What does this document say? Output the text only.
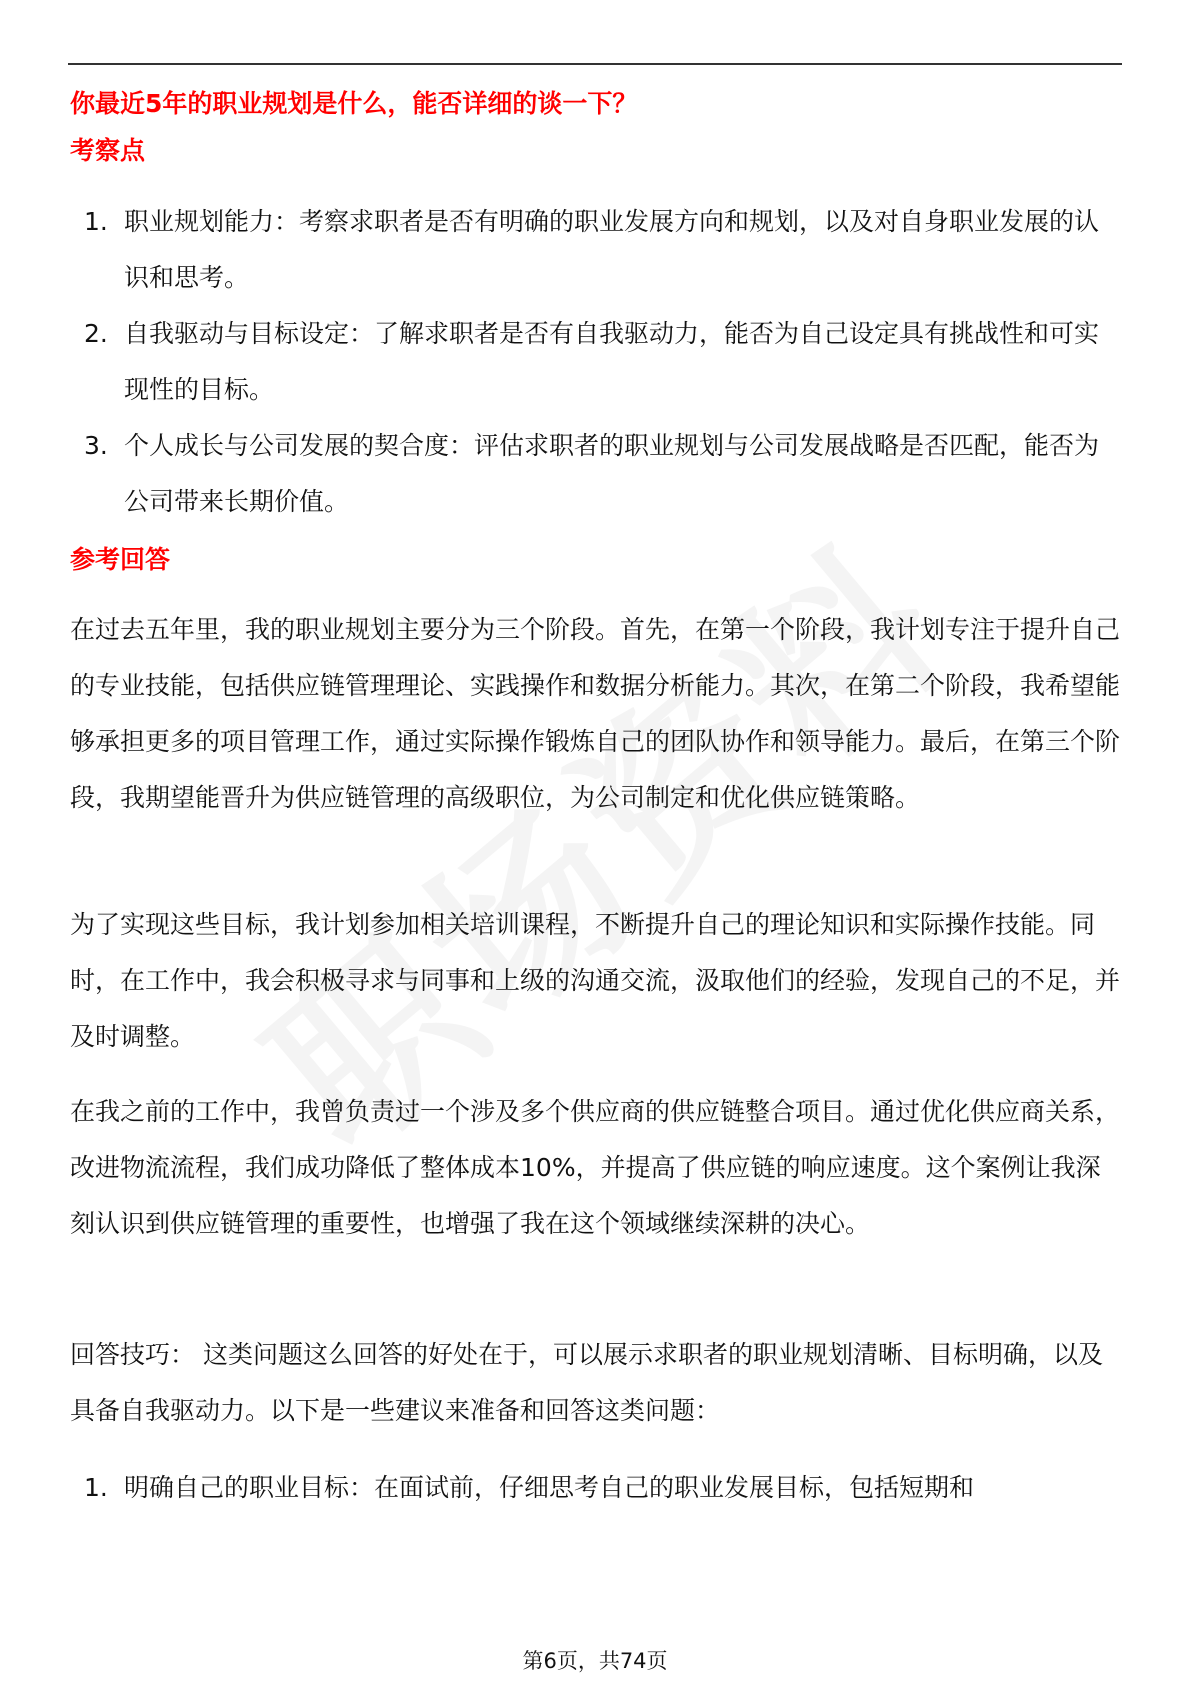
你最近5年的职业规划是什么，能否详细的谈一下？
考察点
1. 职业规划能力：考察求职者是否有明确的职业发展方向和规划，以及对自身职业发展的认识和思考。
2. 自我驱动与目标设定：了解求职者是否有自我驱动力，能否为自己设定具有挑战性和可实现性的目标。
3. 个人成长与公司发展的契合度：评估求职者的职业规划与公司发展战略是否匹配，能否为公司带来长期价值。
参考回答

在过去五年里，我的职业规划主要分为三个阶段。首先，在第一个阶段，我计划专注于提升自己的专业技能，包括供应链管理理论、实践操作和数据分析能力。其次，在第二个阶段，我希望能够承担更多的项目管理工作，通过实际操作锻炼自己的团队协作和领导能力。最后，在第三个阶段，我期望能晋升为供应链管理的高级职位，为公司制定和优化供应链策略。

为了实现这些目标，我计划参加相关培训课程，不断提升自己的理论知识和实际操作技能。同时，在工作中，我会积极寻求与同事和上级的沟通交流，汲取他们的经验，发现自己的不足，并及时调整。

在我之前的工作中，我曾负责过一个涉及多个供应商的供应链整合项目。通过优化供应商关系，改进物流流程，我们成功降低了整体成本10%，并提高了供应链的响应速度。这个案例让我深刻认识到供应链管理的重要性，也增强了我在这个领域继续深耕的决心。

回答技巧： 这类问题这么回答的好处在于，可以展示求职者的职业规划清晰、目标明确，以及具备自我驱动力。以下是一些建议来准备和回答这类问题：

1. 明确自己的职业目标：在面试前，仔细思考自己的职业发展目标，包括短期和
第6页，共74页
